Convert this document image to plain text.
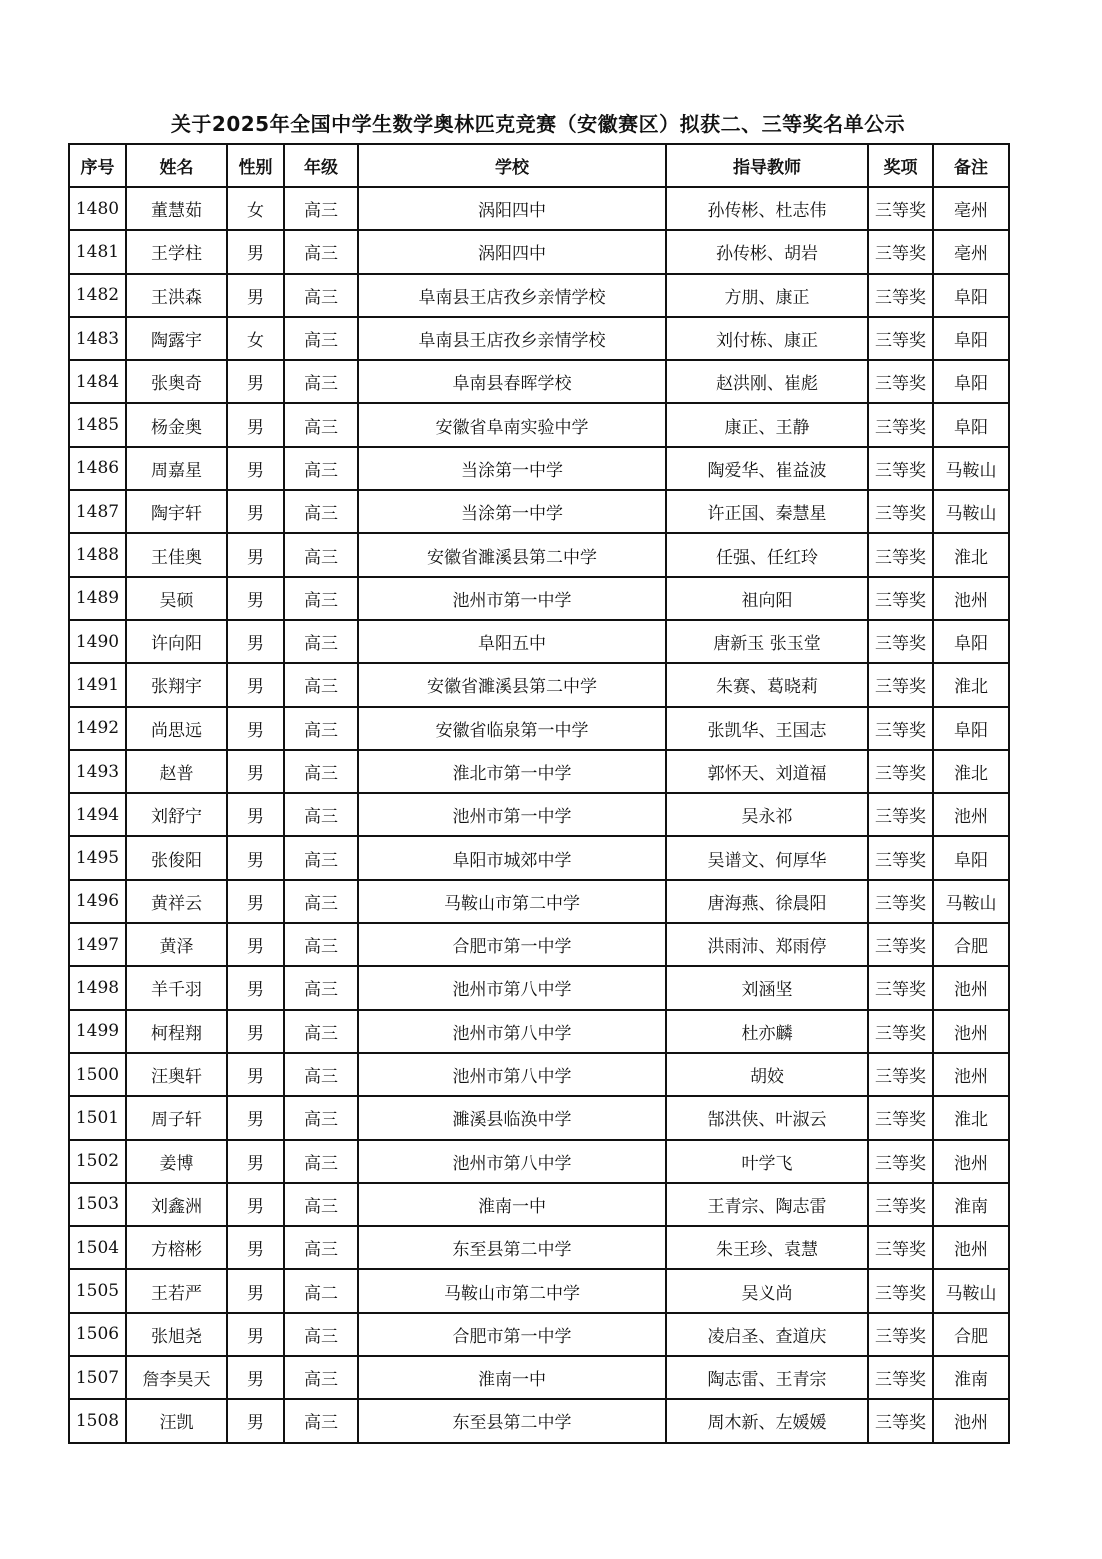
关于2025年全国中学生数学奥林匹克竞赛（安徽赛区）拟获二、三等奖名单公示
序号	姓名	性别	年级	学校	指导教师	奖项	备注
1480	董慧茹	女	高三	涡阳四中	孙传彬、杜志伟	三等奖	亳州
1481	王学柱	男	高三	涡阳四中	孙传彬、胡岩	三等奖	亳州
1482	王洪森	男	高三	阜南县王店孜乡亲情学校	方朋、康正	三等奖	阜阳
1483	陶露宇	女	高三	阜南县王店孜乡亲情学校	刘付栋、康正	三等奖	阜阳
1484	张奥奇	男	高三	阜南县春晖学校	赵洪刚、崔彪	三等奖	阜阳
1485	杨金奥	男	高三	安徽省阜南实验中学	康正、王静	三等奖	阜阳
1486	周嘉星	男	高三	当涂第一中学	陶爱华、崔益波	三等奖	马鞍山
1487	陶宇轩	男	高三	当涂第一中学	许正国、秦慧星	三等奖	马鞍山
1488	王佳奥	男	高三	安徽省濉溪县第二中学	任强、任红玲	三等奖	淮北
1489	吴硕	男	高三	池州市第一中学	祖向阳	三等奖	池州
1490	许向阳	男	高三	阜阳五中	唐新玉 张玉堂	三等奖	阜阳
1491	张翔宇	男	高三	安徽省濉溪县第二中学	朱赛、葛晓莉	三等奖	淮北
1492	尚思远	男	高三	安徽省临泉第一中学	张凯华、王国志	三等奖	阜阳
1493	赵普	男	高三	淮北市第一中学	郭怀天、刘道福	三等奖	淮北
1494	刘舒宁	男	高三	池州市第一中学	吴永祁	三等奖	池州
1495	张俊阳	男	高三	阜阳市城郊中学	吴谱文、何厚华	三等奖	阜阳
1496	黄祥云	男	高三	马鞍山市第二中学	唐海燕、徐晨阳	三等奖	马鞍山
1497	黄泽	男	高三	合肥市第一中学	洪雨沛、郑雨停	三等奖	合肥
1498	羊千羽	男	高三	池州市第八中学	刘涵坚	三等奖	池州
1499	柯程翔	男	高三	池州市第八中学	杜亦麟	三等奖	池州
1500	汪奥轩	男	高三	池州市第八中学	胡姣	三等奖	池州
1501	周子轩	男	高三	濉溪县临涣中学	郜洪侠、叶淑云	三等奖	淮北
1502	姜博	男	高三	池州市第八中学	叶学飞	三等奖	池州
1503	刘鑫洲	男	高三	淮南一中	王青宗、陶志雷	三等奖	淮南
1504	方榕彬	男	高三	东至县第二中学	朱王珍、袁慧	三等奖	池州
1505	王若严	男	高二	马鞍山市第二中学	吴义尚	三等奖	马鞍山
1506	张旭尧	男	高三	合肥市第一中学	凌启圣、查道庆	三等奖	合肥
1507	詹李昊天	男	高三	淮南一中	陶志雷、王青宗	三等奖	淮南
1508	汪凯	男	高三	东至县第二中学	周木新、左媛媛	三等奖	池州
